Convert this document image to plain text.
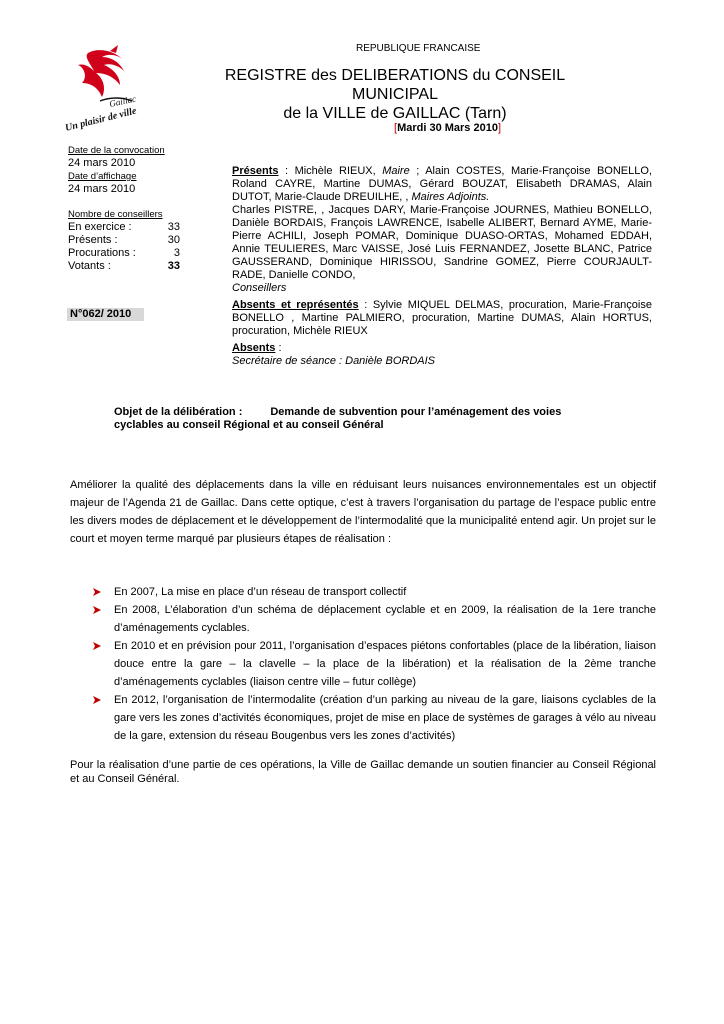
REPUBLIQUE FRANCAISE
REGISTRE des DELIBERATIONS du CONSEIL MUNICIPAL
de la VILLE de GAILLAC (Tarn)
[Mardi 30 Mars 2010]
Gaillac
Un plaisir de ville
Date de la convocation
24 mars 2010
Date d’affichage
24 mars 2010
Nombre de conseillers
En exercice :	33
Présents :	30
Procurations :	3
Votants :	33
N°062/ 2010
Présents : Michèle RIEUX, Maire ; Alain COSTES, Marie-Françoise BONELLO, Roland CAYRE, Martine DUMAS, Gérard BOUZAT, Elisabeth DRAMAS, Alain DUTOT, Marie-Claude DREUILHE, , Maires Adjoints.
Charles PISTRE, , Jacques DARY, Marie-Françoise JOURNES, Mathieu BONELLO, Danièle BORDAIS, François LAWRENCE, Isabelle ALIBERT, Bernard AYME, Marie-Pierre ACHILI, Joseph POMAR, Dominique DUASO-ORTAS, Mohamed EDDAH, Annie TEULIERES, Marc VAISSE, José Luis FERNANDEZ, Josette BLANC, Patrice GAUSSERAND, Dominique HIRISSOU, Sandrine GOMEZ, Pierre COURJAULT-RADE, Danielle CONDO,
Conseillers
Absents et représentés : Sylvie MIQUEL DELMAS, procuration, Marie-Françoise BONELLO , Martine PALMIERO, procuration, Martine DUMAS, Alain HORTUS, procuration, Michèle RIEUX
Absents :
Secrétaire de séance : Danièle BORDAIS
Objet de la délibération :	Demande de subvention pour l’aménagement des voies
cyclables au conseil Régional et au conseil Général
Améliorer la qualité des déplacements dans la ville en réduisant leurs nuisances environnementales est un objectif majeur de l’Agenda 21 de Gaillac. Dans cette optique, c’est à travers l’organisation du partage de l’espace public entre les divers modes de déplacement et le développement de l’intermodalité que la municipalité entend agir. Un projet sur le court et moyen terme marqué par plusieurs étapes de réalisation :
En 2007, La mise en place d’un réseau de transport collectif
En 2008, L’élaboration d’un schéma de déplacement cyclable et en 2009, la réalisation de la 1ere tranche d’aménagements cyclables.
En 2010 et en prévision pour 2011, l’organisation d’espaces piétons confortables (place de la libération, liaison douce entre la gare – la clavelle – la place de la libération) et la réalisation de la 2ème tranche d’aménagements cyclables (liaison centre ville – futur collège)
En 2012, l’organisation de l’intermodalite (création d’un parking au niveau de la gare, liaisons cyclables de la gare vers les zones d’activités économiques, projet de mise en place de systèmes de garages à vélo au niveau de la gare, extension du réseau Bougenbus vers les zones d’activités)
Pour la réalisation d’une partie de ces opérations, la Ville de Gaillac demande un soutien financier au Conseil Régional et au Conseil Général.
